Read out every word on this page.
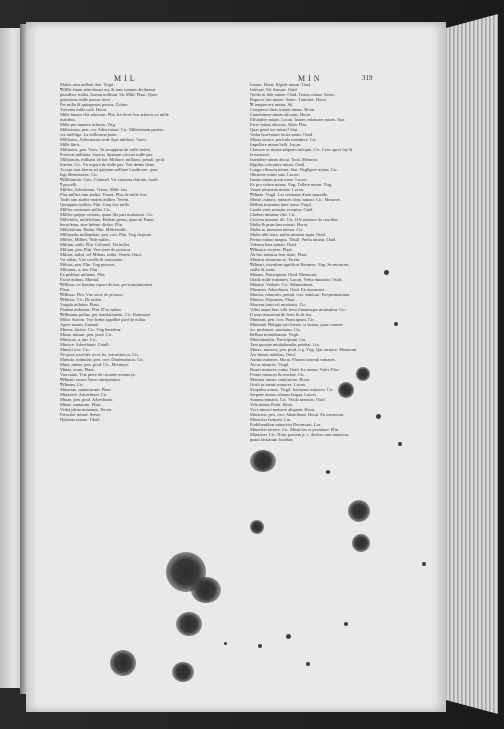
MIL	MIN	319
Multis eam milleni ibat. Virgil.
¶Mille etiam adiectiuum est, & tunc tantum declinatur
pluraliter, millia, horum millium. Sic Mille Plaut. Quin-
gentesimo mille passus ferre.
Per mille & quingentos passus. Colum.
Trecenta mille cadi. Horat.
Mille fanum vlla arborum. Plin. Ita ferire hos arbores ex mille
manibus.
Mille pro numero infinito. Virg.
Millesimus, pen. cor. Adiectiuum. Cic. Millesimam partem
vix intelligo. La millesima parte.
Milliarius, Adiectiuum vnde Apri milliarii. Varro.
Mille libris.
Milliarius, gen. Varro. Va trouppeau de mille brebis.
Porticus milliaria. Sueton. Spatium circiter mille pas.
Milliarium, milliarii ob hoc Milliare, milliaris, penult. prod.
Sueton. Cic. Vn espace de mille pas. Vne demie lieue.
Accepi tuas literas ad quintum milliare Laodiceae, quas
legi libentissime. Cic.
¶Milliarium. Cato. Columel. Vn vaisseau d'airain, haule
¶ porcelli.
Millies, Adverbium. Terent. Mille fois.
Plus millies iam audiui. Terent. Plus de mille fois.
Tedet iam audire eadem millies. Terent.
Quinquies millies. Plin. Cinq fois mille.
Millies centenum millia. Cic.
Millies quippe centum, quam illa pari maluisses. Cic.
Millefolia, millefolium. Herbae genus, quae ab Panax
heracleum, sine heleno dicitur. Plin.
Millefolium, Herba. Plin. Millefeuille.
Millepeda, millepedae, pen. corr. Plin. Vng cloporte.
Millies, Millies. Vide milles.
Milium, milii. Plin. Columel. Du millet.
Milium, pen. Plin. Vne sorte de poisson.
Miluus, milui, vel Miluus, milui. Terent. Ouid.
Vn milan, Vne cruelle & rauissante.
Miluus, pen. Plin. Vng poisson.
Miluinus, a, um. Plin.
Ex pedibus miluinis. Plin.
Exeat miluus. Martial.
¶Miluus, ex homine rapaci dicitur, per translationem.
Plaut.
¶Miluus. Plin. Vne sorte de poisson.
¶Miluus. Cic. De milan.
Vngula miluina. Plaut.
Plumae miluinae. Plin. D'vn milan.
¶Miluinus pullus, per translationem. Cic. Rauissant.
Milui. Sueton. Vne herbe appellee pied de milan.
Agere rauam. Iuuenal.
Mimus, histrio. Cic. Vng basteleur.
Mima, mimae, pen. prod. Cic.
Mimicus, a, um. Cic.
Mimice. Aduerbium. Catull.
Mimici ioci. Cic.
Ne quos scurriles iocos lie, aut mimicos. Cic.
Mimula, mimulae, pen. corr. Diminutiuum. Cic.
Mina, minae, pen. prod. Cic. Monnoye.
Minae, arum. Plaut.
Vna mina. Vne piece de certaine monnoye.
¶Minam nostra Varro interpretatur.
¶Minam. Cic.
Minaciae, minaciarum. Plaut.
Minaciter. Adverbium. Cic.
Minae, pen. prod. Adverbium.
Minae, minarum. Plaut.
Verba plena minarum. Terent.
Ferociter minae. Senec.
Hyberna minae. Tibull.
Ioanes. Horat. Rigide minae. Ouid.
Infestae. Sil. Saeuae. Ouid.
Nolite in fide minae. Ouid. Tristes minae. Senec.
Rapaces fati minae. Senec. Tumidae. Horat.
¶Compescere minas. Sil.
Compesce diras iratum minas. Horat.
Contemnere minas alicuius. Horat.
Effundere minas. Lucan. Inanes exhaurire minas. Stat.
Ferre minas alicuius. Valer. Flac.
Quas genti ore minas? Stat.
Verba horrentum factis minis. Ouid.
Minas iactare, pericula intendere. Cic.
Impellere minas belli. Lucan.
Clamare ac minas aliquem infequit. Cic. Crier apres luy &
le menacer.
Intendere minas alicui. Tacit. Menacer.
Rigidas concutere minas. Ouid.
Longo effusum minas. Star. Negligere minas. Cic.
Obtistere minis suis. Lucret.
Inanes minas ponit mare. Lucret.
Ex pro videre minas. Virg. Tollere minas. Virg.
Vanae minorum minae. Lucan.
¶Minae. Virgil. Les creneaux d'une muraille.
Minae, minaci, minaces fans, minari. Cic. Menacer.
Bellum minatum haec arma. Virgil.
Cauda vires minatur scorpius. Ouid.
Cladem minatur vrbi. Cic.
Crocem minatur illi. Cic. Il le menace de crucifier.
Multa & praeclara minari. Horat.
Multa ac montana minari. Cic.
Multa nihi terra, multa minatur aqua. Ouid.
Pertua minari magna. Tibull. Prelia minari. Ouid.
Vulnera leua minari. Ouid.
¶Minatur exurere. Plaut.
Ab hac minatur fese abire. Plaut.
Minatur abiturum se. Terent.
¶Minari, interdum significat Eminere. Virg. Se monstrer,
saillir & sortir.
Minans, Participium. Ouid. Menacant.
Gladii mille minantes. Lucan. Verba minantia. Ouid.
Minatio. Verbale. Cic. Menacement.
Minanter, Aduerbium. Ouid. En menacant.
Minitor, minitaris, penult. corr. minitari, Frequentatiuum.
Minitor, Deponens. Plaut.
Mortem fratri eft minitatus. Cic.
Vobis atque huic vrbi ferro flammaque minitantur. Cic.
Il nous menacent de ferre & de feu.
Minitans, pen. corr. Participium. Cic.
Minitanti Philippo per literas, si omnia, quae conuen-
tio, probasset, minitatus. Cic.
Bellum minitabantur. Virgil.
Minitabundus. Participium. Liu.
Tam quoque minitabundus petebat. Liu.
Minax, minacis, pen. prod. o.g. Virg. Qui menace, Menacant.
Aer minax nubibus. Ouid.
Animo minaces. Horat. Fluuius torrenti minaces.
Arcus minaces. Virgil.
Boues minaces cornu. Ouid. Ira minax. Valer. Flac.
Fronte minaces & acerbae. Cic.
Murmur minax contrarium. Horat.
Oculi in mente minaces. Lucan.
Scopulus minax. Virgil. Sermonis minaces. Cic.
Serpens minax vibrans lingua. Lucret.
Summa minatia. Cic. Vitula minacis. Ouid.
Vela minax Ponti. Horat.
Voce minaci metuere aliquem. Horat.
Minacius, pen. corr. Aduerbium. Horat. En menacant.
Minaciter frement. Liu.
Prohibentibus minaciter Decemuiri. Liu.
Minaciter terrere. Cic. Minaciter et postulare. Plin.
Minaciter. Cic. Nunc pontem p. c. dixisse cum minacius
quam fastiarum faciebat.
